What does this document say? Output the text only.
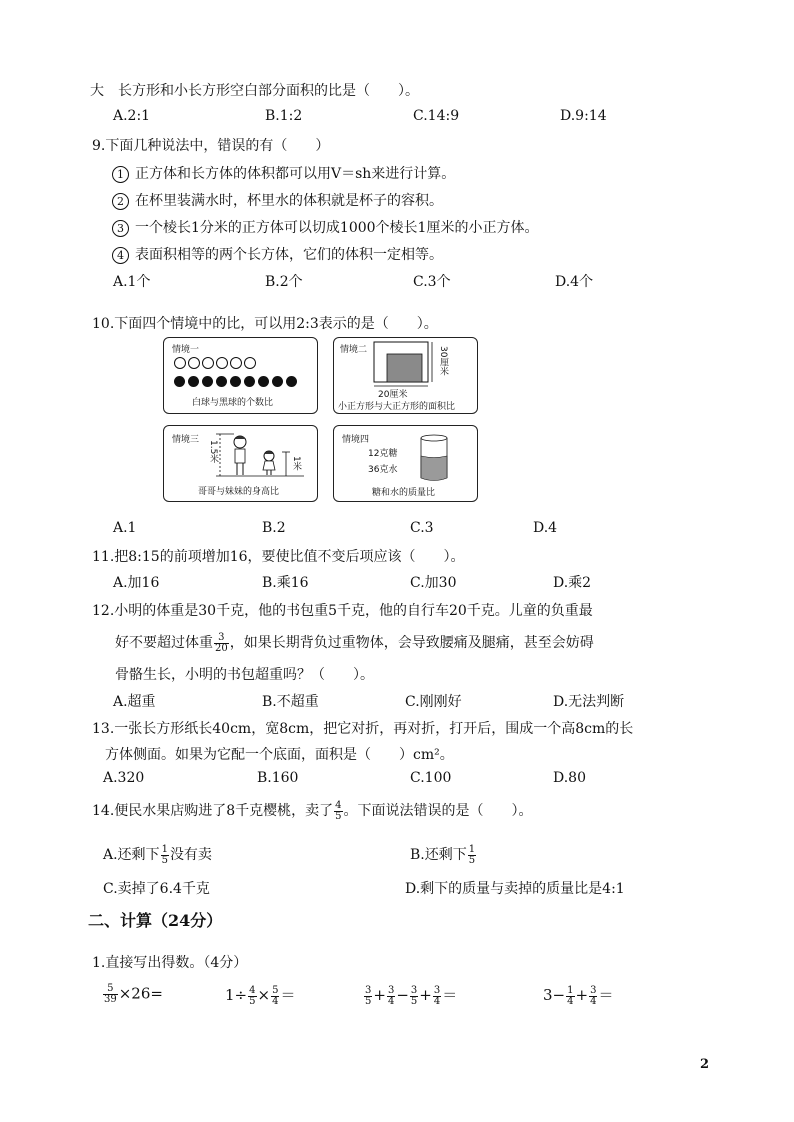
大　长方形和小长方形空白部分面积的比是（　　）。
A.2:1	B.1:2	C.14:9	D.9:14
9.下面几种说法中，错误的有（　　）
1 正方体和长方体的体积都可以用V＝sh来进行计算。
2 在杯里装满水时，杯里水的体积就是杯子的容积。
3 一个棱长1分米的正方体可以切成1000个棱长1厘米的小正方体。
4 表面积相等的两个长方体，它们的体积一定相等。
A.1个	B.2个	C.3个	D.4个
10.下面四个情境中的比，可以用2:3表示的是（　　）。
情境一
白球与黑球的个数比
情境二	30厘米
20厘米
小正方形与大正方形的面积比
情境三 1.5米
1米
哥哥与妹妹的身高比
情境四
12克糖
36克水
糖和水的质量比
A.1	B.2	C.3	D.4
11.把8:15的前项增加16，要使比值不变后项应该（　　）。
A.加16	B.乘16	C.加30	D.乘2
12.小明的体重是30千克，他的书包重5千克，他的自行车20千克。儿童的负重最
好不要超过体重 $\frac{3}{20}$ ，如果长期背负过重物体，会导致腰痛及腿痛，甚至会妨碍
骨骼生长，小明的书包超重吗？（　　）。
A.超重	B.不超重	C.刚刚好	D.无法判断
13.一张长方形纸长40cm，宽8cm，把它对折，再对折，打开后，围成一个高8cm的长
方体侧面。如果为它配一个底面，面积是（　　）cm²。
A.320	B.160	C.100	D.80
14.便民水果店购进了8千克樱桃，卖了 $\frac{4}{5}$ 。下面说法错误的是（　　）。
A.还剩下 $\frac{1}{5}$ 没有卖	B.还剩下 $\frac{1}{5}$
C.卖掉了6.4千克	D.剩下的质量与卖掉的质量比是4:1
二、计算（24分）
1.直接写出得数。（4分）
$\frac{5}{39} \times 26=$	$1\div \frac{4}{5} \times \frac{5}{4}$ ＝	$\frac{3}{5} + \frac{3}{4} - \frac{3}{5} + \frac{3}{4}$ ＝	$3- \frac{1}{4} + \frac{3}{4}$ ＝
2
